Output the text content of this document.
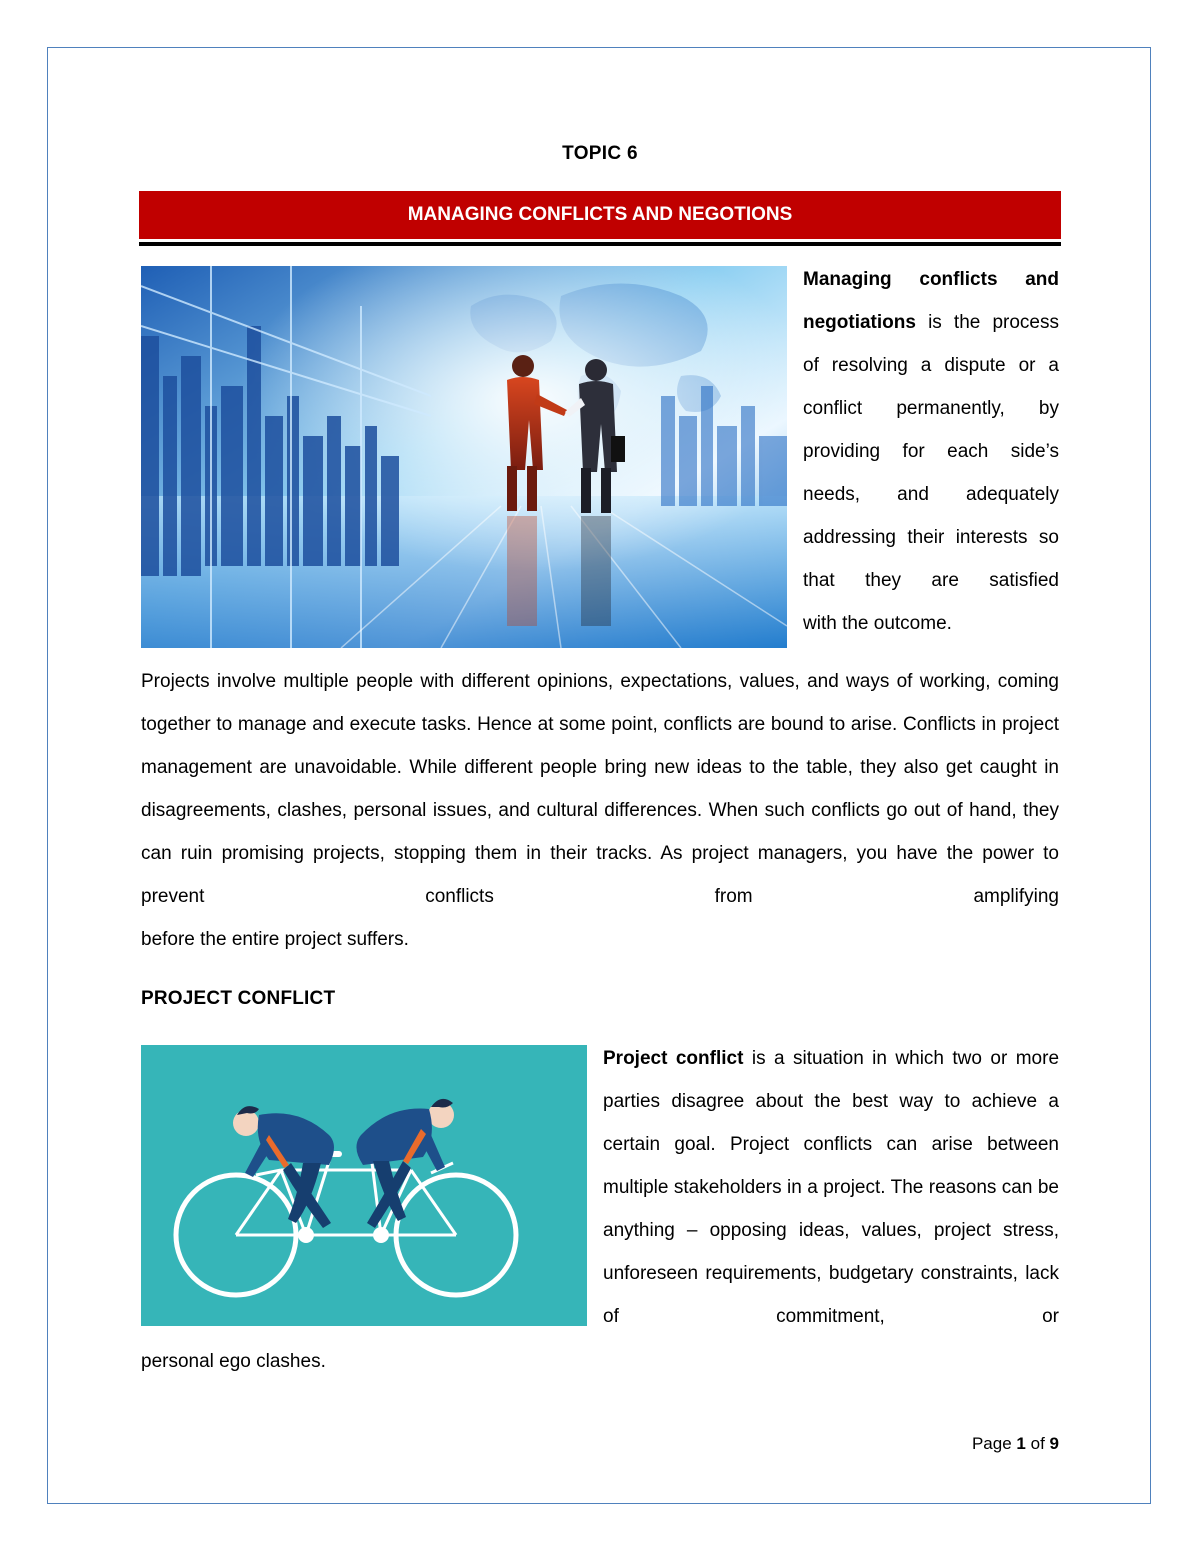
TOPIC 6
MANAGING CONFLICTS AND NEGOTIONS
Managing conflicts and negotiations is the process of resolving a dispute or a conflict permanently, by providing for each side’s needs, and adequately addressing their interests so that they are satisfied
with the outcome.
Projects involve multiple people with different opinions, expectations, values, and ways of working, coming together to manage and execute tasks. Hence at some point, conflicts are bound to arise. Conflicts in project management are unavoidable. While different people bring new ideas to the table, they also get caught in disagreements, clashes, personal issues, and cultural differences. When such conflicts go out of hand, they can ruin promising projects, stopping them in their tracks. As project managers, you have the power to prevent conflicts from amplifying
before the entire project suffers.
PROJECT CONFLICT
Project conflict is a situation in which two or more parties disagree about the best way to achieve a certain goal. Project conflicts can arise between multiple stakeholders in a project. The reasons can be anything – opposing ideas, values, project stress, unforeseen requirements, budgetary constraints, lack of commitment, or
personal ego clashes.
Page 1 of 9
